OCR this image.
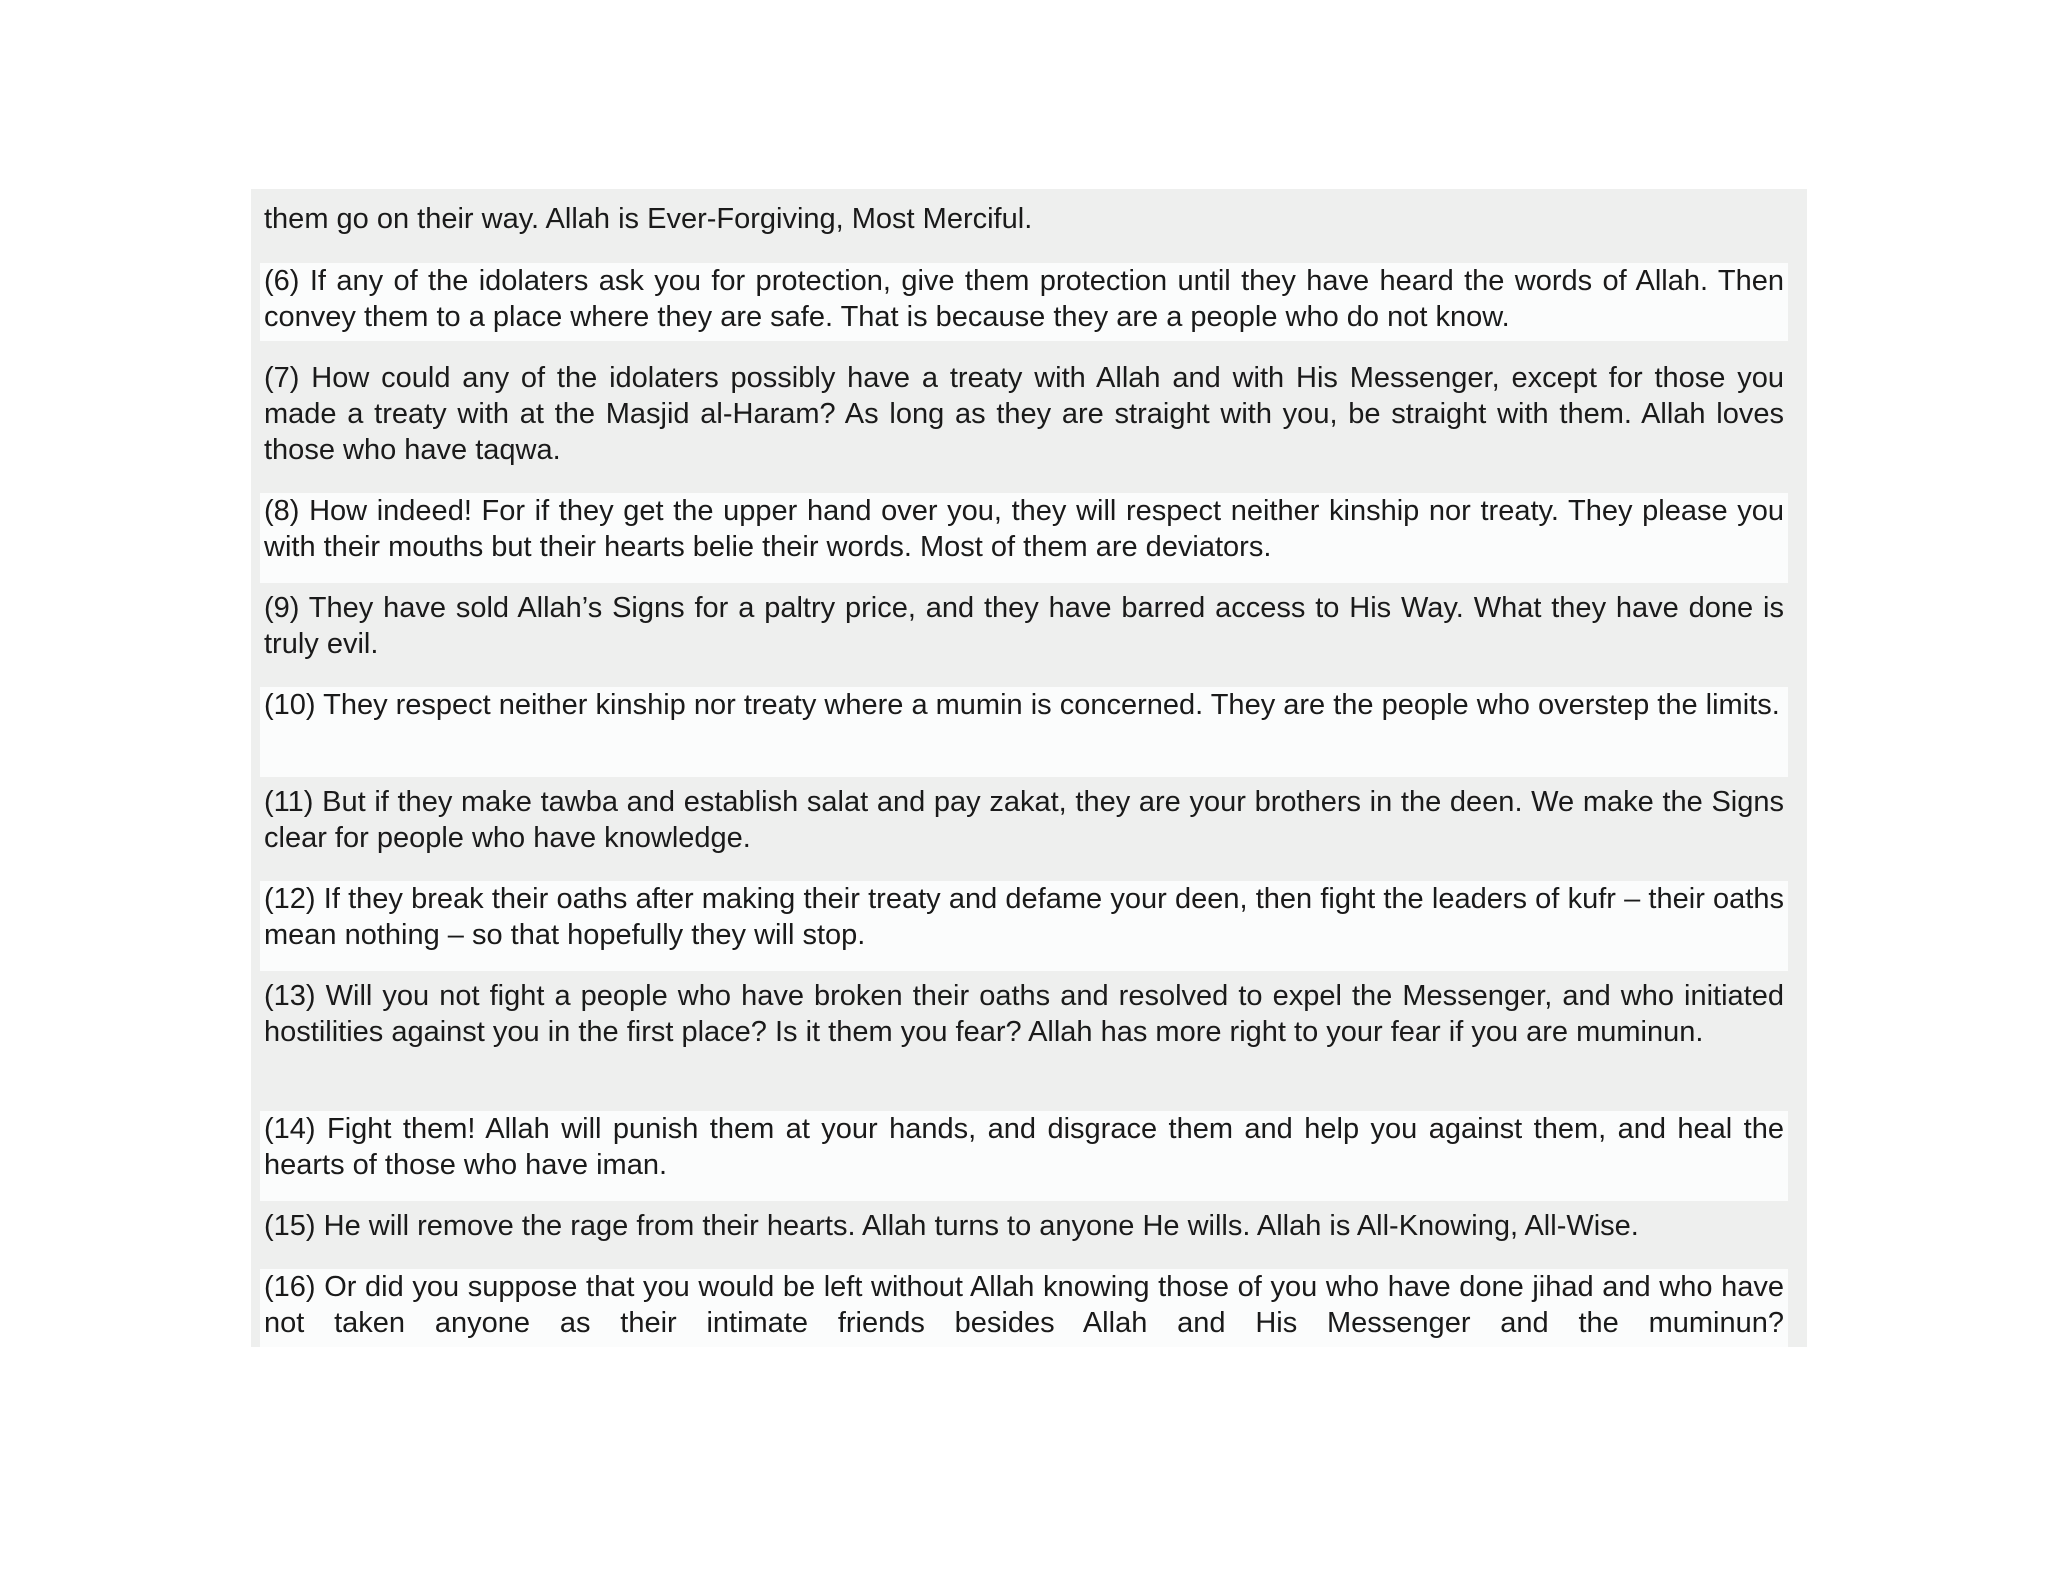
them go on their way. Allah is Ever-Forgiving, Most Merciful.
(6) If any of the idolaters ask you for protection, give them protection until they have heard the words of Allah. Then convey them to a place where they are safe. That is because they are a people who do not know.
(7) How could any of the idolaters possibly have a treaty with Allah and with His Messenger, except for those you made a treaty with at the Masjid al-Haram? As long as they are straight with you, be straight with them. Allah loves those who have taqwa.
(8) How indeed! For if they get the upper hand over you, they will respect neither kinship nor treaty. They please you with their mouths but their hearts belie their words. Most of them are deviators.
(9) They have sold Allah’s Signs for a paltry price, and they have barred access to His Way. What they have done is truly evil.
(10) They respect neither kinship nor treaty where a mumin is concerned. They are the people who overstep the limits.
(11) But if they make tawba and establish salat and pay zakat, they are your brothers in the deen. We make the Signs clear for people who have knowledge.
(12) If they break their oaths after making their treaty and defame your deen, then fight the leaders of kufr – their oaths mean nothing – so that hopefully they will stop.
(13) Will you not fight a people who have broken their oaths and resolved to expel the Messenger, and who initiated hostilities against you in the first place? Is it them you fear? Allah has more right to your fear if you are muminun.
(14) Fight them! Allah will punish them at your hands, and disgrace them and help you against them, and heal the hearts of those who have iman.
(15) He will remove the rage from their hearts. Allah turns to anyone He wills. Allah is All-Knowing, All-Wise.
(16) Or did you suppose that you would be left without Allah knowing those of you who have done jihad and who have not taken anyone as their intimate friends besides Allah and His Messenger and the muminun?
